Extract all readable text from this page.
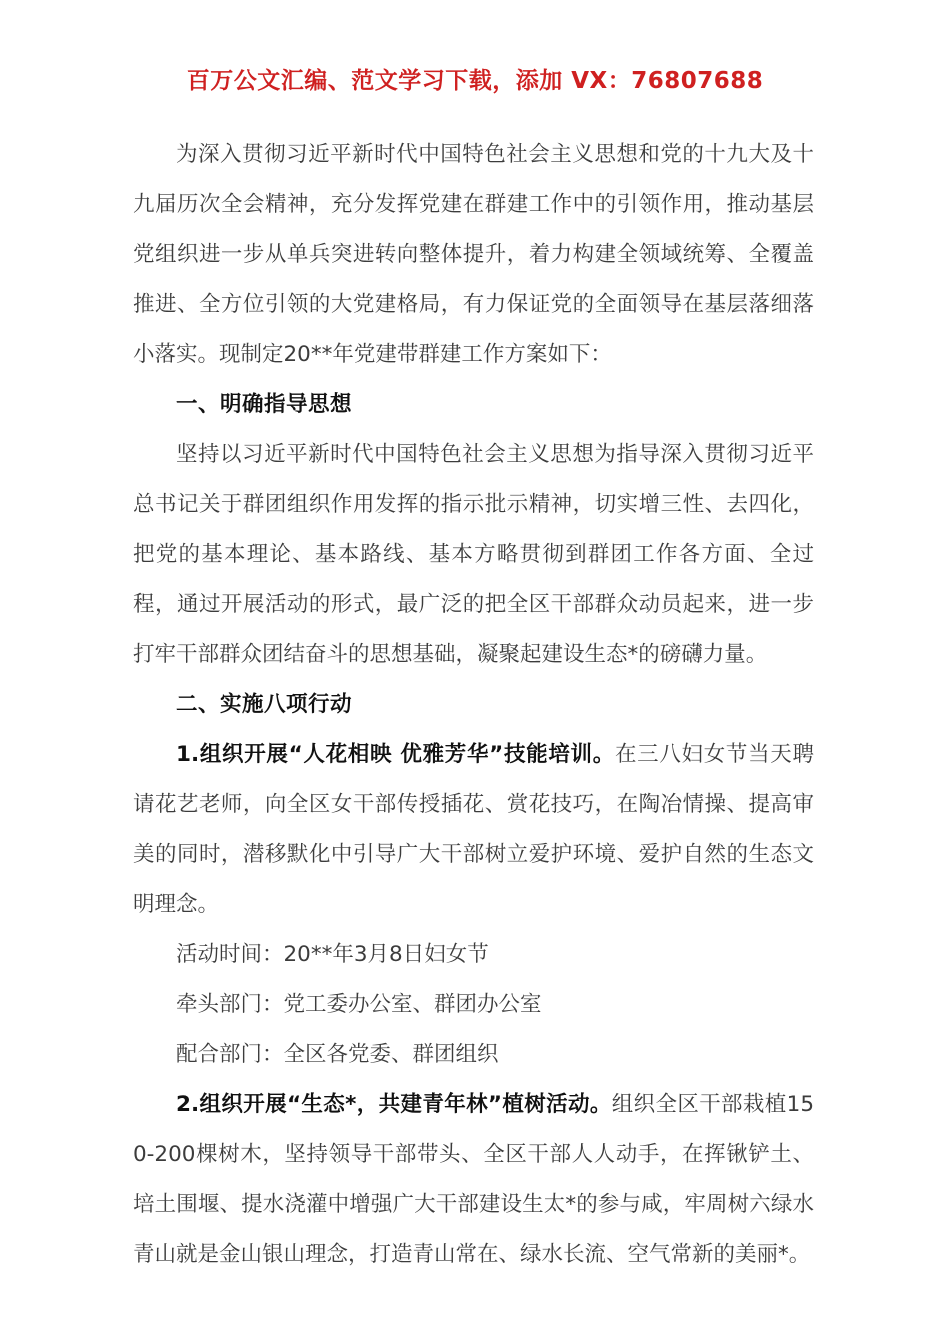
百万公文汇编、范文学习下载，添加 VX：76807688

为深入贯彻习近平新时代中国特色社会主义思想和党的十九大及十九届历次全会精神，充分发挥党建在群建工作中的引领作用，推动基层党组织进一步从单兵突进转向整体提升，着力构建全领域统筹、全覆盖推进、全方位引领的大党建格局，有力保证党的全面领导在基层落细落小落实。现制定20**年党建带群建工作方案如下：

一、明确指导思想

坚持以习近平新时代中国特色社会主义思想为指导深入贯彻习近平总书记关于群团组织作用发挥的指示批示精神，切实增三性、去四化，把党的基本理论、基本路线、基本方略贯彻到群团工作各方面、全过程，通过开展活动的形式，最广泛的把全区干部群众动员起来，进一步打牢干部群众团结奋斗的思想基础，凝聚起建设生态*的磅礴力量。

二、实施八项行动

1.组织开展“人花相映 优雅芳华”技能培训。在三八妇女节当天聘请花艺老师，向全区女干部传授插花、赏花技巧，在陶冶情操、提高审美的同时，潜移默化中引导广大干部树立爱护环境、爱护自然的生态文明理念。

活动时间：20**年3月8日妇女节

牵头部门：党工委办公室、群团办公室

配合部门：全区各党委、群团组织

2.组织开展“生态*，共建青年林”植树活动。组织全区干部栽植150-200棵树木，坚持领导干部带头、全区干部人人动手，在挥锹铲土、培土围堰、提水浇灌中增强广大干部建设生太*的参与咸，牢周树六绿水青山就是金山银山理念，打造青山常在、绿水长流、空气常新的美丽*。
